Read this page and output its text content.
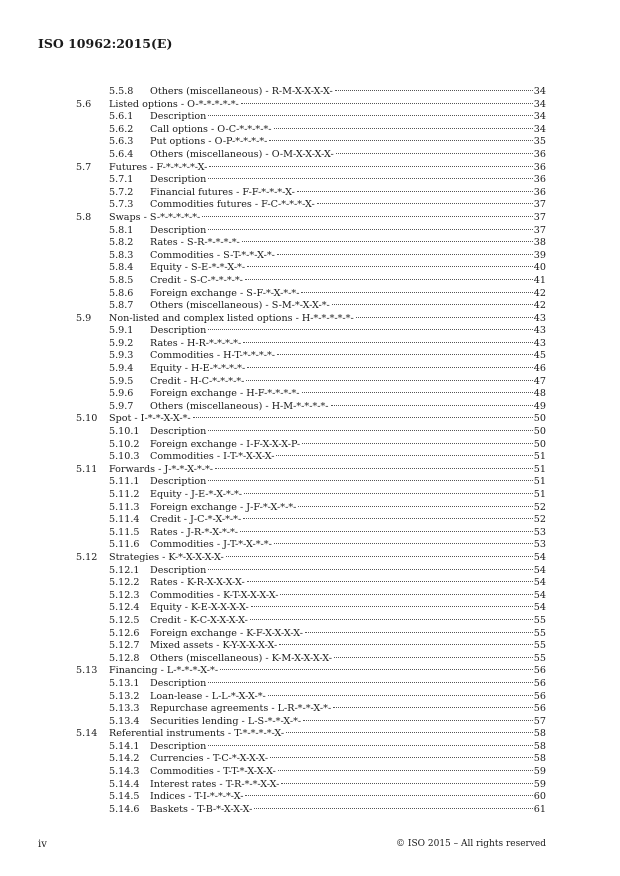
ISO 10962:2015(E)
5.5.8 Others (miscellaneous) - R-M-X-X-X-X-	34
5.6 Listed options - O-*-*-*-*-*-	34
5.6.1 Description	34
5.6.2 Call options - O-C-*-*-*-*-	34
5.6.3 Put options - O-P-*-*-*-*-	35
5.6.4 Others (miscellaneous) - O-M-X-X-X-X-	36
5.7 Futures - F-*-*-*-*-X-	36
5.7.1 Description	36
5.7.2 Financial futures - F-F-*-*-*-X-	36
5.7.3 Commodities futures - F-C-*-*-*-X-	37
5.8 Swaps - S-*-*-*-*-*-	37
5.8.1 Description	37
5.8.2 Rates - S-R-*-*-*-*-	38
5.8.3 Commodities - S-T-*-*-X-*-	39
5.8.4 Equity - S-E-*-*-X-*-	40
5.8.5 Credit - S-C-*-*-*-*-	41
5.8.6 Foreign exchange - S-F-*-X-*-*-	42
5.8.7 Others (miscellaneous) - S-M-*-X-X-*-	42
5.9 Non-listed and complex listed options - H-*-*-*-*-*-	43
5.9.1 Description	43
5.9.2 Rates - H-R-*-*-*-*-	43
5.9.3 Commodities - H-T-*-*-*-*-	45
5.9.4 Equity - H-E-*-*-*-*-	46
5.9.5 Credit - H-C-*-*-*-*-	47
5.9.6 Foreign exchange - H-F-*-*-*-*-	48
5.9.7 Others (miscellaneous) - H-M-*-*-*-*-	49
5.10 Spot - I-*-*-X-X-*-	50
5.10.1 Description	50
5.10.2 Foreign exchange - I-F-X-X-X-P-	50
5.10.3 Commodities - I-T-*-X-X-X-	51
5.11 Forwards - J-*-*-X-*-*-	51
5.11.1 Description	51
5.11.2 Equity - J-E-*-X-*-*-	51
5.11.3 Foreign exchange - J-F-*-X-*-*-	52
5.11.4 Credit - J-C-*-X-*-*-	52
5.11.5 Rates - J-R-*-X-*-*-	53
5.11.6 Commodities - J-T-*-X-*-*-	53
5.12 Strategies - K-*-X-X-X-X-	54
5.12.1 Description	54
5.12.2 Rates - K-R-X-X-X-X-	54
5.12.3 Commodities - K-T-X-X-X-X-	54
5.12.4 Equity - K-E-X-X-X-X-	54
5.12.5 Credit - K-C-X-X-X-X-	55
5.12.6 Foreign exchange - K-F-X-X-X-X-	55
5.12.7 Mixed assets - K-Y-X-X-X-X-	55
5.12.8 Others (miscellaneous) - K-M-X-X-X-X-	55
5.13 Financing - L-*-*-*-X-*-	56
5.13.1 Description	56
5.13.2 Loan-lease - L-L-*-X-X-*-	56
5.13.3 Repurchase agreements - L-R-*-*-X-*-	56
5.13.4 Securities lending - L-S-*-*-X-*-	57
5.14 Referential instruments - T-*-*-*-*-X-	58
5.14.1 Description	58
5.14.2 Currencies - T-C-*-X-X-X-	58
5.14.3 Commodities - T-T-*-X-X-X-	59
5.14.4 Interest rates - T-R-*-*-X-X-	59
5.14.5 Indices - T-I-*-*-*-X-	60
5.14.6 Baskets - T-B-*-X-X-X-	61
iv	© ISO 2015 – All rights reserved
